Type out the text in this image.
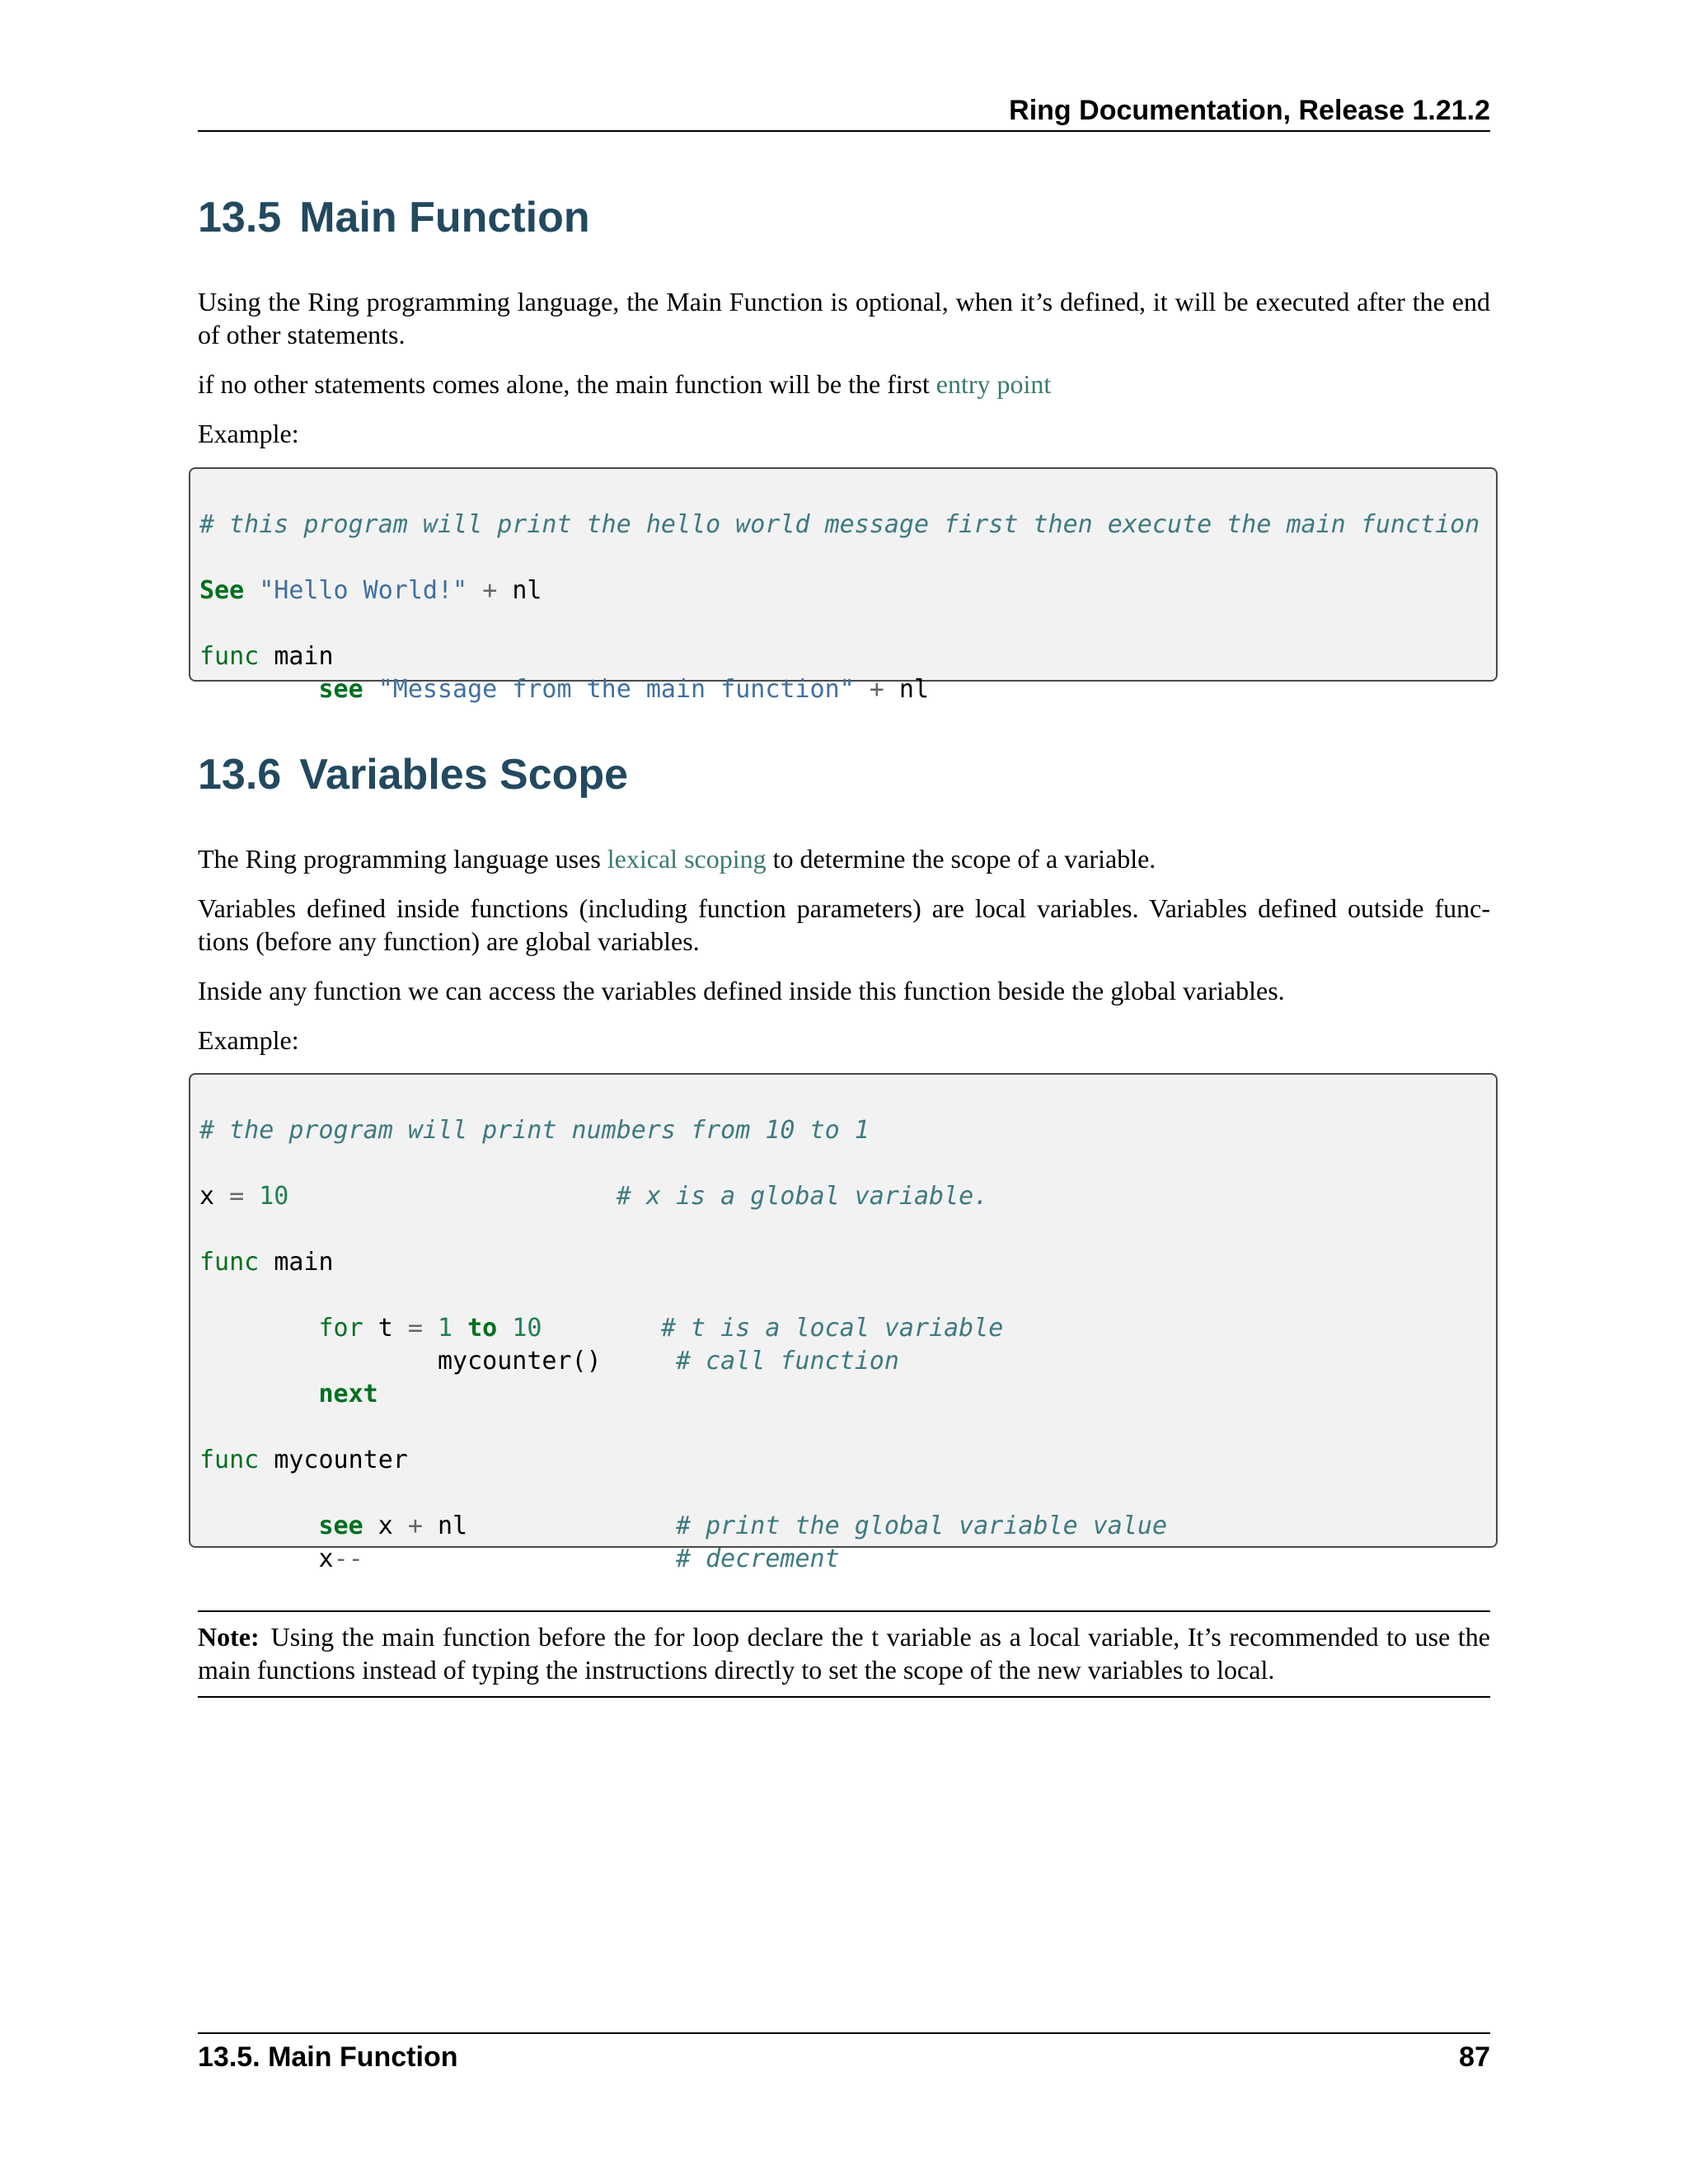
Ring Documentation, Release 1.21.2
13.5 Main Function

Using the Ring programming language, the Main Function is optional, when it’s defined, it will be executed after the end of other statements.

if no other statements comes alone, the main function will be the first entry point

Example:

# this program will print the hello world message first then execute the main function
See "Hello World!" + nl
func main
see "Message from the main function" + nl
13.6 Variables Scope

The Ring programming language uses lexical scoping to determine the scope of a variable.

Variables defined inside functions (including function parameters) are local variables. Variables defined outside func- tions (before any function) are global variables.

Inside any function we can access the variables defined inside this function beside the global variables.

Example:

# the program will print numbers from 10 to 1
x = 10	# x is a global variable.
func main
for t = 1 to 10	# t is a local variable
mycounter()	# call function
next
func mycounter
see x + nl	# print the global variable value
x--	# decrement
Note: Using the main function before the for loop declare the t variable as a local variable, It’s recommended to use the main functions instead of typing the instructions directly to set the scope of the new variables to local.
13.5. Main Function	87
